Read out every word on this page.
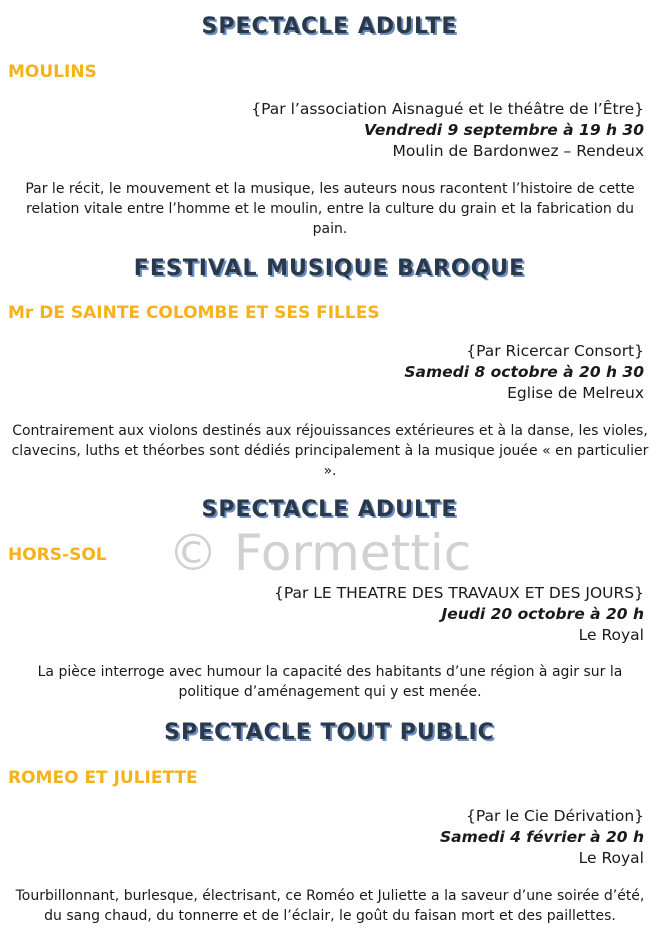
SPECTACLE ADULTE
MOULINS
{Par l’association Aisnagué et le théâtre de l’Être}
Vendredi 9 septembre à 19 h 30
Moulin de Bardonwez – Rendeux
Par le récit, le mouvement et la musique, les auteurs nous racontent l’histoire de cette relation vitale entre l’homme et le moulin, entre la culture du grain et la fabrication du pain.
FESTIVAL MUSIQUE BAROQUE
Mr DE SAINTE COLOMBE ET SES FILLES
{Par Ricercar Consort}
Samedi 8 octobre à 20 h 30
Eglise de Melreux
Contrairement aux violons destinés aux réjouissances extérieures et à la danse, les violes, clavecins, luths et théorbes sont dédiés principalement à la musique jouée « en particulier ».
SPECTACLE ADULTE
HORS-SOL
{Par LE THEATRE DES TRAVAUX ET DES JOURS}
Jeudi 20 octobre à 20 h
Le Royal
La pièce interroge avec humour la capacité des habitants d’une région à agir sur la politique d’aménagement qui y est menée.
SPECTACLE TOUT PUBLIC
ROMEO ET JULIETTE
{Par le Cie Dérivation}
Samedi 4 février à 20 h
Le Royal
Tourbillonnant, burlesque, électrisant, ce Roméo et Juliette a la saveur d’une soirée d’été, du sang chaud, du tonnerre et de l’éclair, le goût du faisan mort et des paillettes.
© Formettic
